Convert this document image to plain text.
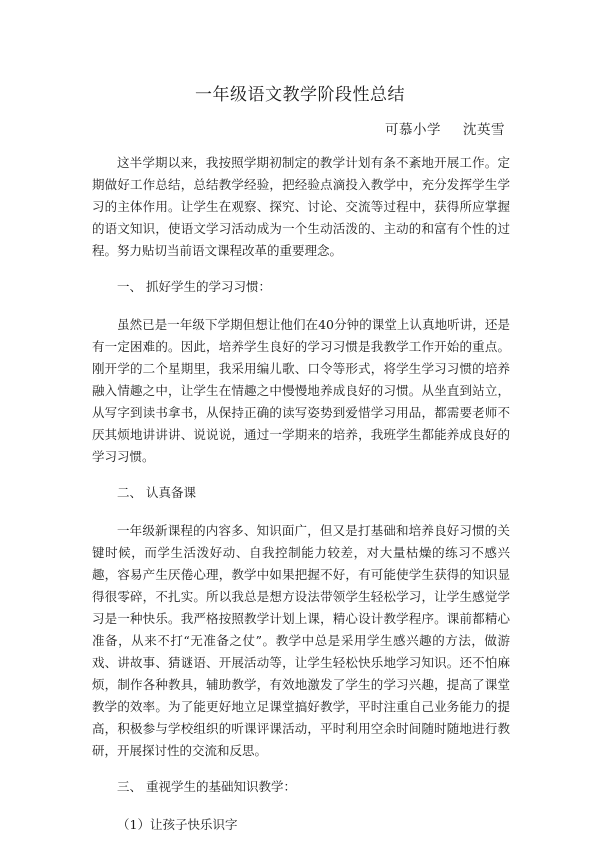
一年级语文教学阶段性总结
可慕小学 沈英雪

这半学期以来，我按照学期初制定的教学计划有条不紊地开展工作。定期做好工作总结，总结教学经验，把经验点滴投入教学中，充分发挥学生学习的主体作用。让学生在观察、探究、讨论、交流等过程中，获得所应掌握的语文知识，使语文学习活动成为一个生动活泼的、主动的和富有个性的过程。努力贴切当前语文课程改革的重要理念。

一、 抓好学生的学习习惯：

虽然已是一年级下学期但想让他们在40分钟的课堂上认真地听讲，还是有一定困难的。因此，培养学生良好的学习习惯是我教学工作开始的重点。刚开学的二个星期里，我采用编儿歌、口令等形式，将学生学习习惯的培养融入情趣之中，让学生在情趣之中慢慢地养成良好的习惯。从坐直到站立，从写字到读书拿书，从保持正确的读写姿势到爱惜学习用品，都需要老师不厌其烦地讲讲讲、说说说，通过一学期来的培养，我班学生都能养成良好的学习习惯。

二、 认真备课

一年级新课程的内容多、知识面广，但又是打基础和培养良好习惯的关键时候，而学生活泼好动、自我控制能力较差，对大量枯燥的练习不感兴趣，容易产生厌倦心理，教学中如果把握不好，有可能使学生获得的知识显得很零碎，不扎实。所以我总是想方设法带领学生轻松学习，让学生感觉学习是一种快乐。我严格按照教学计划上课，精心设计教学程序。课前都精心准备，从来不打“无准备之仗”。教学中总是采用学生感兴趣的方法，做游戏、讲故事、猜谜语、开展活动等，让学生轻松快乐地学习知识。还不怕麻烦，制作各种教具，辅助教学，有效地激发了学生的学习兴趣，提高了课堂教学的效率。为了能更好地立足课堂搞好教学，平时注重自己业务能力的提高，积极参与学校组织的听课评课活动，平时利用空余时间随时随地进行教研，开展探讨性的交流和反思。

三、 重视学生的基础知识教学：

（1）让孩子快乐识字
